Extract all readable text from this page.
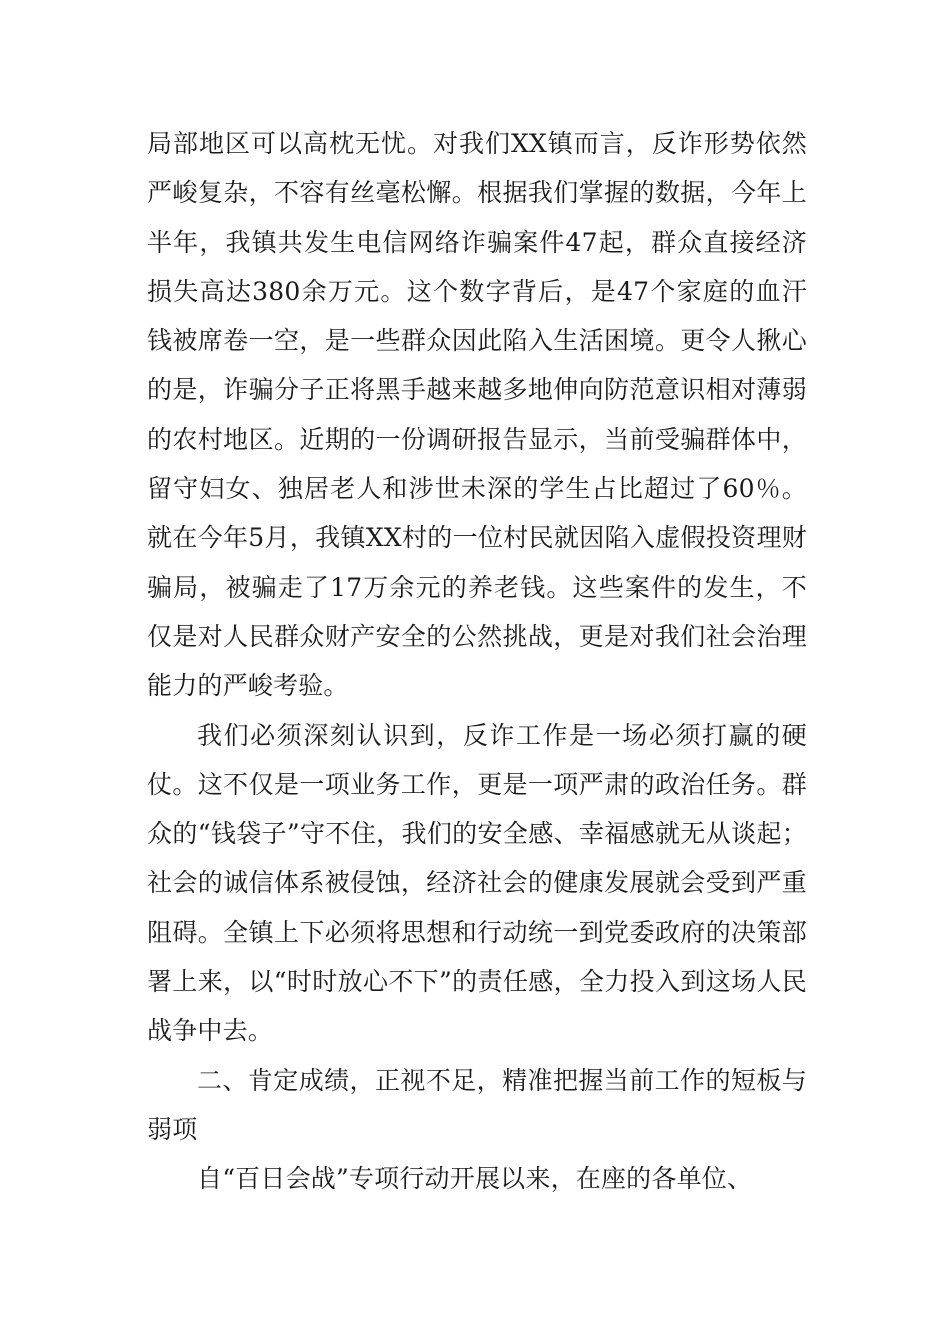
局部地区可以高枕无忧。对我们XX镇而言，反诈形势依然严峻复杂，不容有丝毫松懈。根据我们掌握的数据，今年上半年，我镇共发生电信网络诈骗案件47起，群众直接经济损失高达380余万元。这个数字背后，是47个家庭的血汗钱被席卷一空，是一些群众因此陷入生活困境。更令人揪心的是，诈骗分子正将黑手越来越多地伸向防范意识相对薄弱的农村地区。近期的一份调研报告显示，当前受骗群体中，留守妇女、独居老人和涉世未深的学生占比超过了60％。就在今年5月，我镇XX村的一位村民就因陷入虚假投资理财骗局，被骗走了17万余元的养老钱。这些案件的发生，不仅是对人民群众财产安全的公然挑战，更是对我们社会治理能力的严峻考验。

我们必须深刻认识到，反诈工作是一场必须打赢的硬仗。这不仅是一项业务工作，更是一项严肃的政治任务。群众的“钱袋子”守不住，我们的安全感、幸福感就无从谈起；社会的诚信体系被侵蚀，经济社会的健康发展就会受到严重阻碍。全镇上下必须将思想和行动统一到党委政府的决策部署上来，以“时时放心不下”的责任感，全力投入到这场人民战争中去。

二、肯定成绩，正视不足，精准把握当前工作的短板与弱项

自“百日会战”专项行动开展以来，在座的各单位、
